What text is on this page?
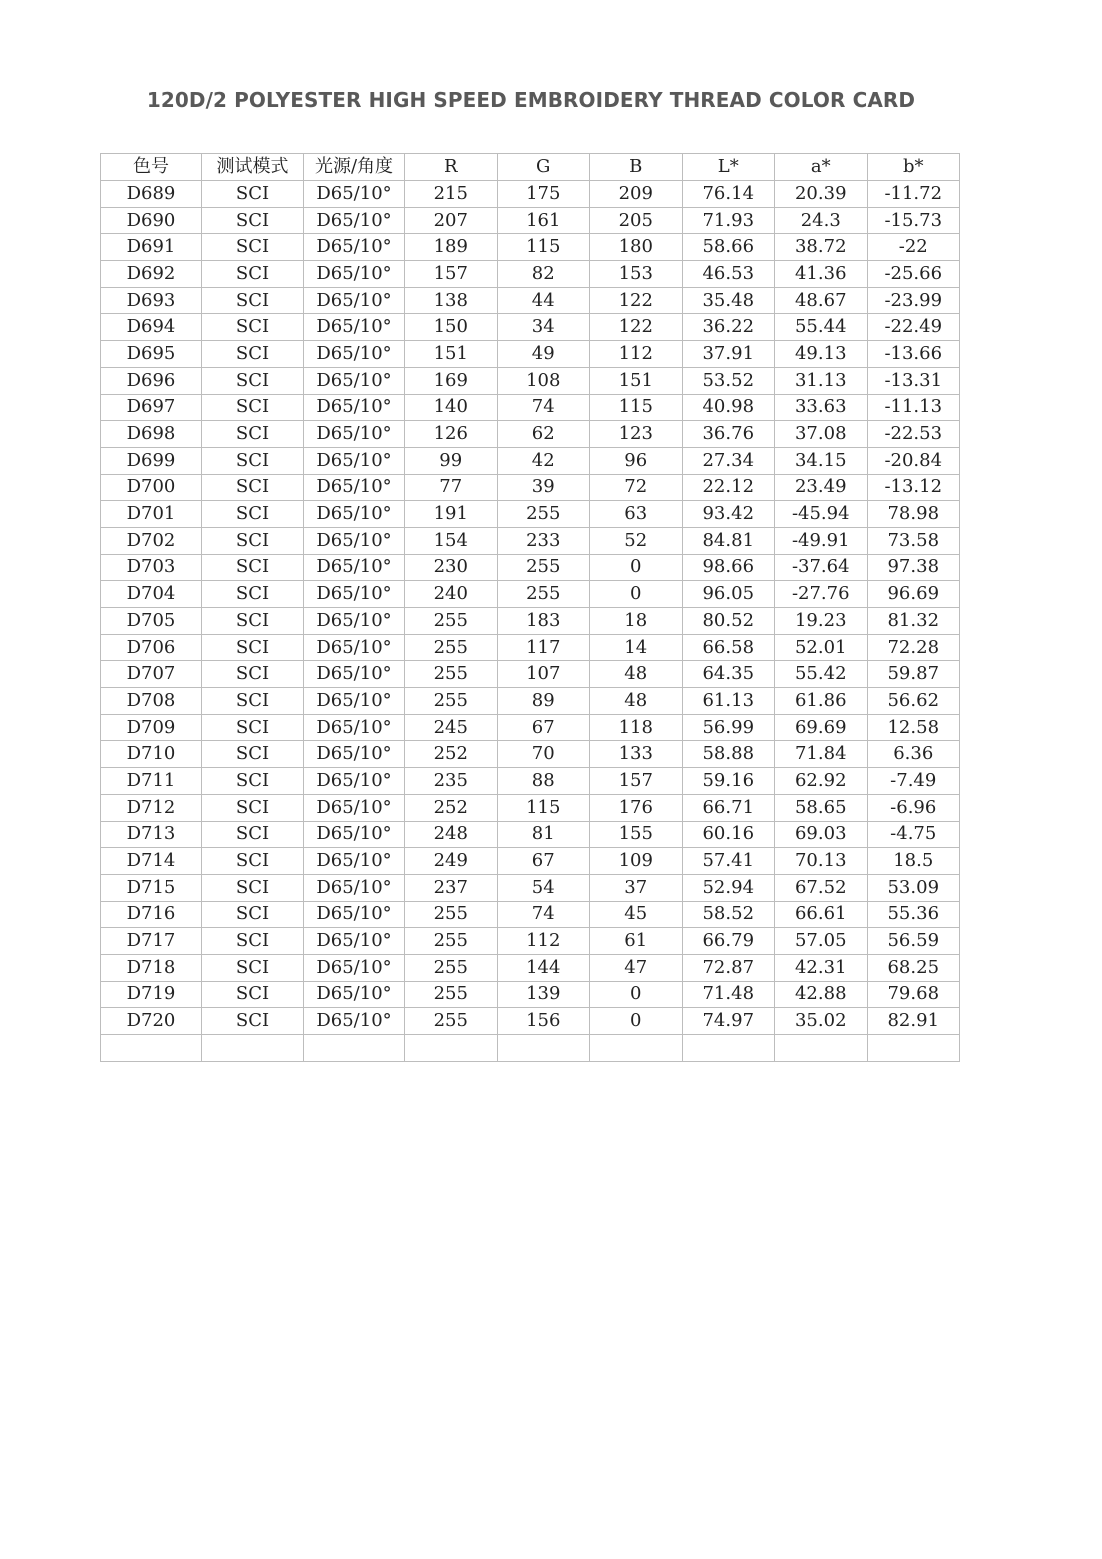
120D/2 POLYESTER HIGH SPEED EMBROIDERY THREAD COLOR CARD
色号	测试模式	光源/角度	R	G	B	L*	a*	b*
D689	SCI	D65/10°	215	175	209	76.14	20.39	-11.72
D690	SCI	D65/10°	207	161	205	71.93	24.3	-15.73
D691	SCI	D65/10°	189	115	180	58.66	38.72	-22
D692	SCI	D65/10°	157	82	153	46.53	41.36	-25.66
D693	SCI	D65/10°	138	44	122	35.48	48.67	-23.99
D694	SCI	D65/10°	150	34	122	36.22	55.44	-22.49
D695	SCI	D65/10°	151	49	112	37.91	49.13	-13.66
D696	SCI	D65/10°	169	108	151	53.52	31.13	-13.31
D697	SCI	D65/10°	140	74	115	40.98	33.63	-11.13
D698	SCI	D65/10°	126	62	123	36.76	37.08	-22.53
D699	SCI	D65/10°	99	42	96	27.34	34.15	-20.84
D700	SCI	D65/10°	77	39	72	22.12	23.49	-13.12
D701	SCI	D65/10°	191	255	63	93.42	-45.94	78.98
D702	SCI	D65/10°	154	233	52	84.81	-49.91	73.58
D703	SCI	D65/10°	230	255	0	98.66	-37.64	97.38
D704	SCI	D65/10°	240	255	0	96.05	-27.76	96.69
D705	SCI	D65/10°	255	183	18	80.52	19.23	81.32
D706	SCI	D65/10°	255	117	14	66.58	52.01	72.28
D707	SCI	D65/10°	255	107	48	64.35	55.42	59.87
D708	SCI	D65/10°	255	89	48	61.13	61.86	56.62
D709	SCI	D65/10°	245	67	118	56.99	69.69	12.58
D710	SCI	D65/10°	252	70	133	58.88	71.84	6.36
D711	SCI	D65/10°	235	88	157	59.16	62.92	-7.49
D712	SCI	D65/10°	252	115	176	66.71	58.65	-6.96
D713	SCI	D65/10°	248	81	155	60.16	69.03	-4.75
D714	SCI	D65/10°	249	67	109	57.41	70.13	18.5
D715	SCI	D65/10°	237	54	37	52.94	67.52	53.09
D716	SCI	D65/10°	255	74	45	58.52	66.61	55.36
D717	SCI	D65/10°	255	112	61	66.79	57.05	56.59
D718	SCI	D65/10°	255	144	47	72.87	42.31	68.25
D719	SCI	D65/10°	255	139	0	71.48	42.88	79.68
D720	SCI	D65/10°	255	156	0	74.97	35.02	82.91
